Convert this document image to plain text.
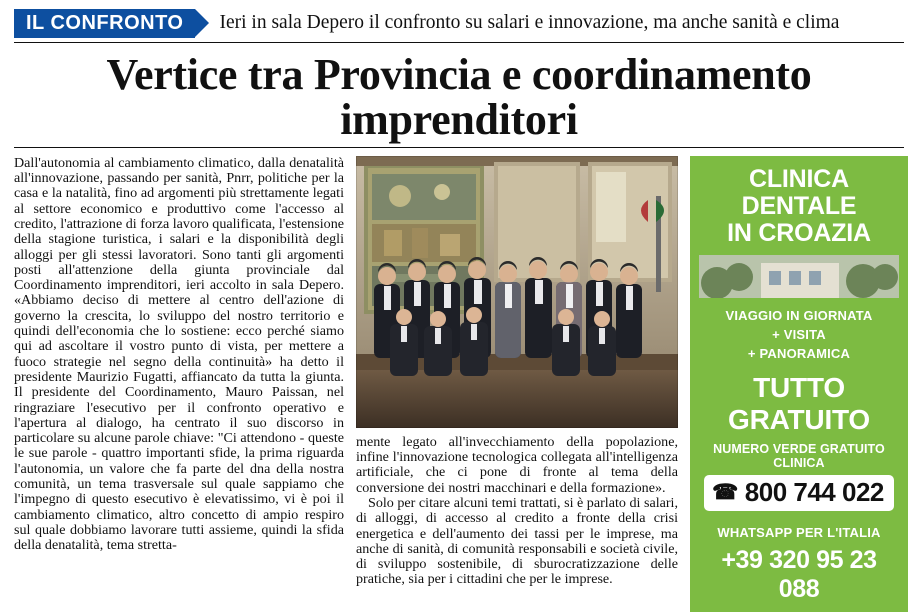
IL CONFRONTO	Ieri in sala Depero il confronto su salari e innovazione, ma anche sanità e clima
Vertice tra Provincia e coordinamento imprenditori

Dall'autonomia al cambiamento climatico, dalla denatalità all'innovazione, passando per sanità, Pnrr, politiche per la casa e la natalità, fino ad argomenti più strettamente legati al settore economico e produttivo come l'accesso al credito, l'attrazione di forza lavoro qualificata, l'estensione della stagione turistica, i salari e la disponibilità degli alloggi per gli stessi lavoratori. Sono tanti gli argomenti posti all'attenzione della giunta provinciale dal Coordinamento imprenditori, ieri accolto in sala Depero. «Abbiamo deciso di mettere al centro dell'azione di governo la crescita, lo sviluppo del nostro territorio e quindi dell'economia che lo sostiene: ecco perché siamo qui ad ascoltare il vostro punto di vista, per mettere a fuoco strategie nel segno della continuità» ha detto il presidente Maurizio Fugatti, affiancato da tutta la giunta. Il presidente del Coordinamento, Mauro Paissan, nel ringraziare l'esecutivo per il confronto operativo e l'apertura al dialogo, ha centrato il suo discorso in particolare su alcune parole chiave: "Ci attendono - queste le sue parole - quattro importanti sfide, la prima riguarda l'autonomia, un valore che fa parte del dna della nostra comunità, un tema trasversale sul quale sappiamo che l'impegno di questo esecutivo è elevatissimo, vi è poi il cambiamento climatico, altro concetto di ampio respiro sul quale dobbiamo lavorare tutti assieme, quindi la sfida della denatalità, tema stretta-

mente legato all'invecchiamento della popolazione, infine l'innovazione tecnologica collegata all'intelligenza artificiale, che ci pone di fronte al tema della conversione dei nostri macchinari e della formazione».

Solo per citare alcuni temi trattati, si è parlato di salari, di alloggi, di accesso al credito a fronte della crisi energetica e dell'aumento dei tassi per le imprese, ma anche di sanità, di comunità responsabili e società civile, di sviluppo sostenibile, di sburocratizzazione delle pratiche, sia per i cittadini che per le imprese.

CLINICA DENTALE
IN CROAZIA
VIAGGIO IN GIORNATA
+ VISITA
+ PANORAMICA
TUTTO GRATUITO
NUMERO VERDE GRATUITO CLINICA
☎ 800 744 022
WHATSAPP PER L'ITALIA
+39 320 95 23 088
